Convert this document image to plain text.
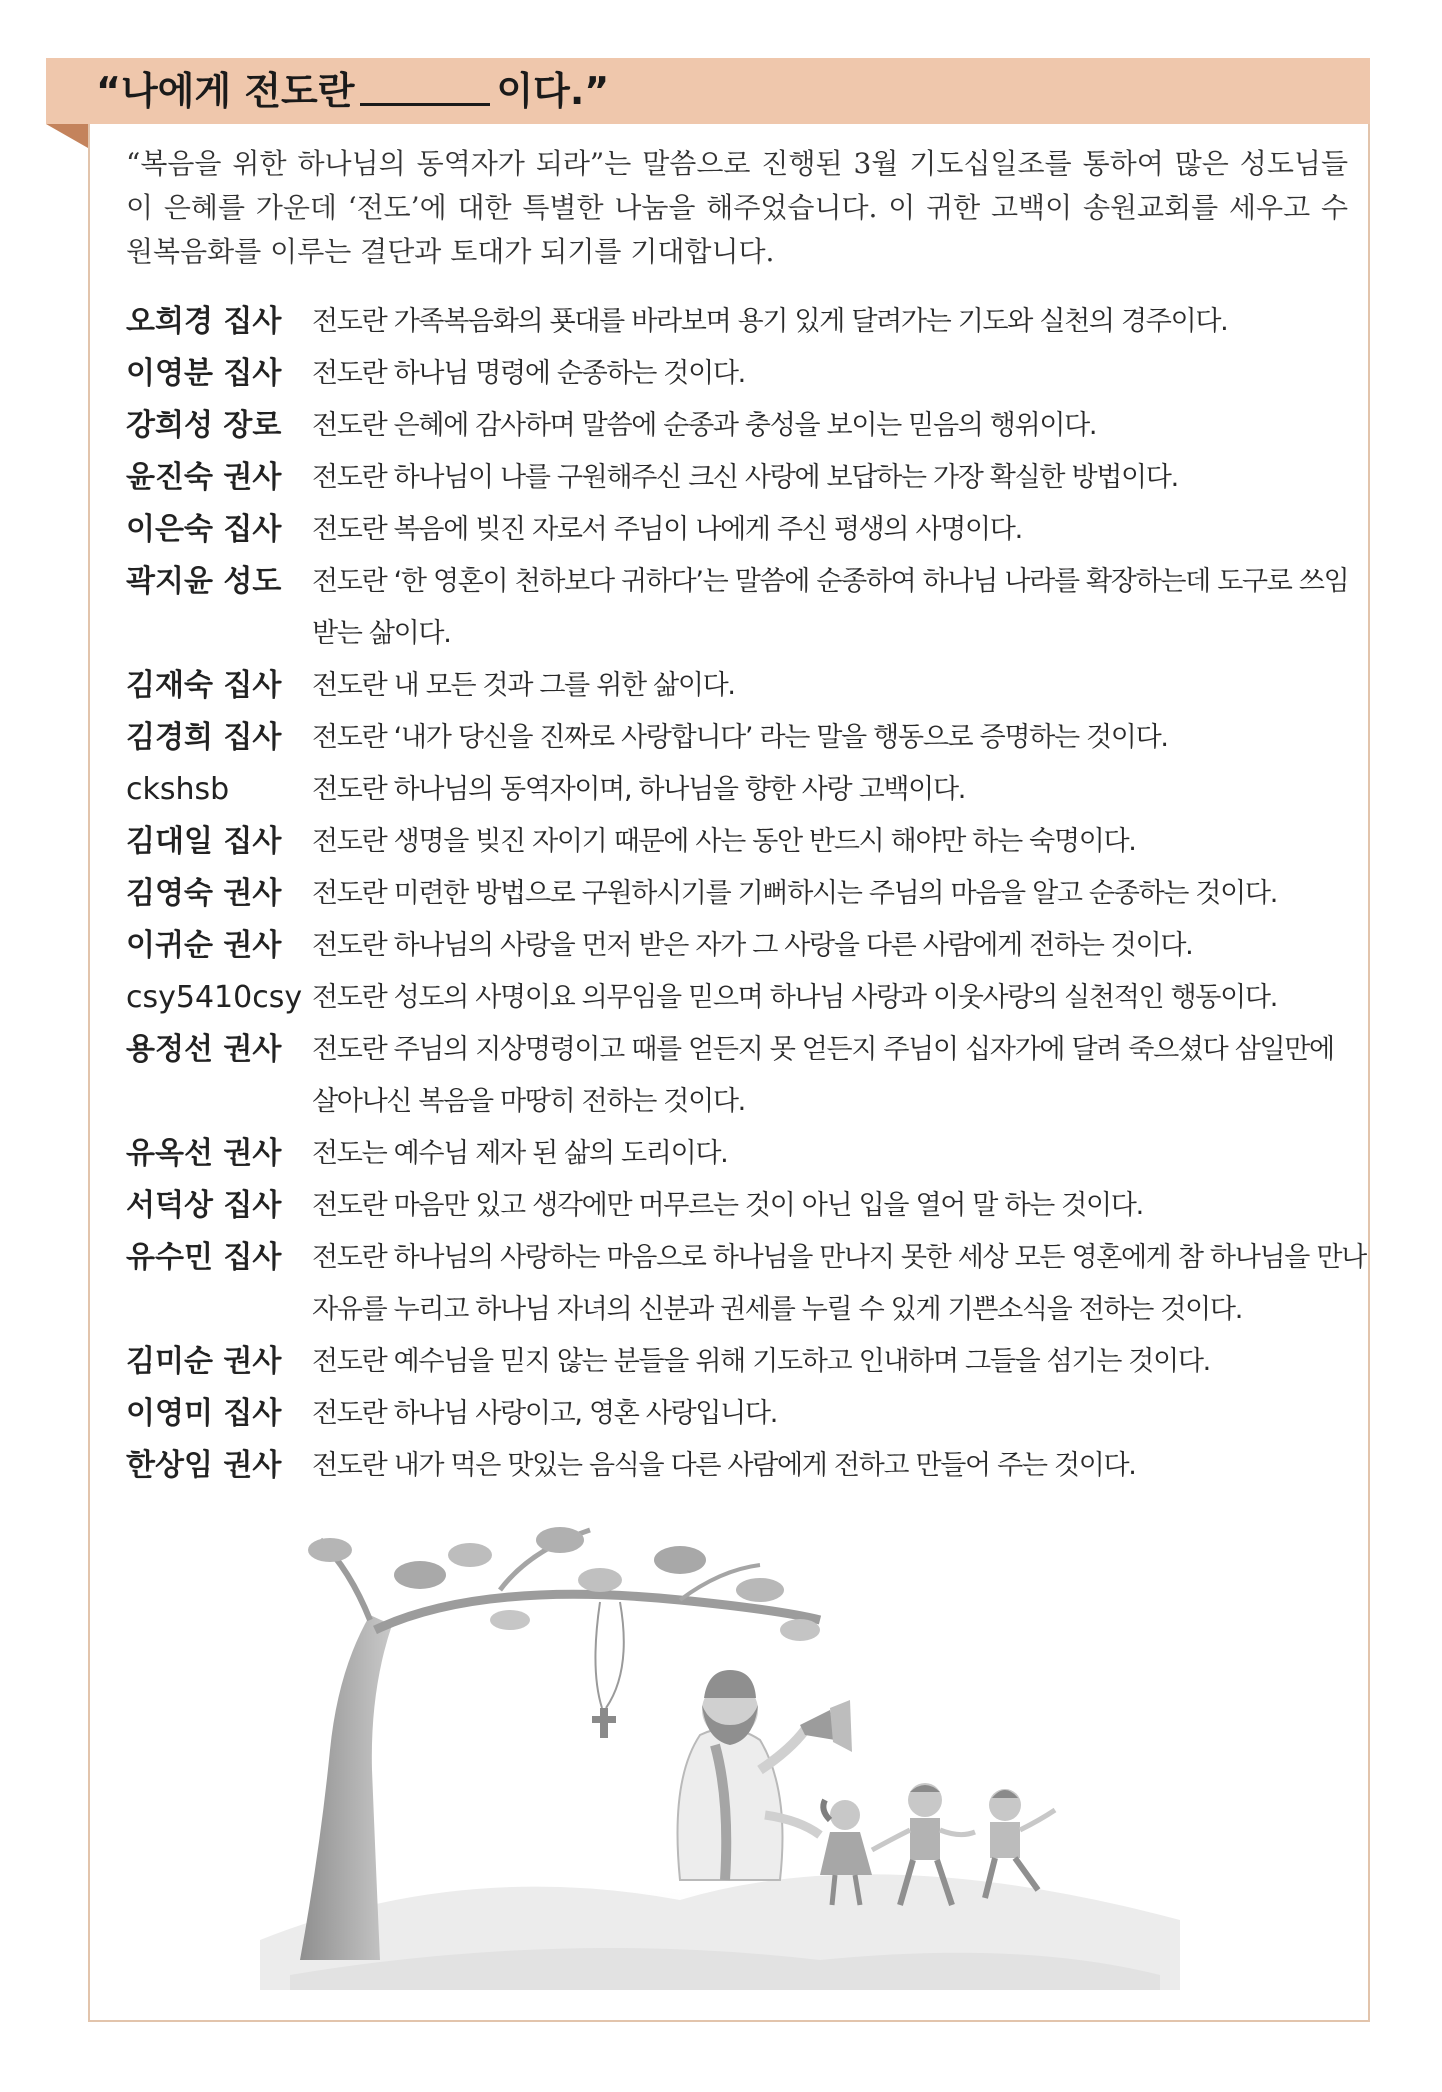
“나에게 전도란	이다.”
“복음을 위한 하나님의 동역자가 되라”는 말씀으로 진행된 3월 기도십일조를 통하여 많은 성도님들이 은혜를 가운데 ‘전도’에 대한 특별한 나눔을 해주었습니다. 이 귀한 고백이 송원교회를 세우고 수원복음화를 이루는 결단과 토대가 되기를 기대합니다.
오희경 집사	전도란 가족복음화의 푯대를 바라보며 용기 있게 달려가는 기도와 실천의 경주이다.
이영분 집사	전도란 하나님 명령에 순종하는 것이다.
강희성 장로	전도란 은혜에 감사하며 말씀에 순종과 충성을 보이는 믿음의 행위이다.
윤진숙 권사	전도란 하나님이 나를 구원해주신 크신 사랑에 보답하는 가장 확실한 방법이다.
이은숙 집사	전도란 복음에 빚진 자로서 주님이 나에게 주신 평생의 사명이다.
곽지윤 성도	전도란 ‘한 영혼이 천하보다 귀하다’는 말씀에 순종하여 하나님 나라를 확장하는데 도구로 쓰임 받는 삶이다.
김재숙 집사	전도란 내 모든 것과 그를 위한 삶이다.
김경희 집사	전도란 ‘내가 당신을 진짜로 사랑합니다’ 라는 말을 행동으로 증명하는 것이다.
ckshsb	전도란 하나님의 동역자이며, 하나님을 향한 사랑 고백이다.
김대일 집사	전도란 생명을 빚진 자이기 때문에 사는 동안 반드시 해야만 하는 숙명이다.
김영숙 권사	전도란 미련한 방법으로 구원하시기를 기뻐하시는 주님의 마음을 알고 순종하는 것이다.
이귀순 권사	전도란 하나님의 사랑을 먼저 받은 자가 그 사랑을 다른 사람에게 전하는 것이다.
csy5410csy 전도란 성도의 사명이요 의무임을 믿으며 하나님 사랑과 이웃사랑의 실천적인 행동이다.
용정선 권사	전도란 주님의 지상명령이고 때를 얻든지 못 얻든지 주님이 십자가에 달려 죽으셨다 삼일만에 살아나신 복음을 마땅히 전하는 것이다.
유옥선 권사	전도는 예수님 제자 된 삶의 도리이다.
서덕상 집사	전도란 마음만 있고 생각에만 머무르는 것이 아닌 입을 열어 말 하는 것이다.
유수민 집사	전도란 하나님의 사랑하는 마음으로 하나님을 만나지 못한 세상 모든 영혼에게 참 하나님을 만나 자유를 누리고 하나님 자녀의 신분과 권세를 누릴 수 있게 기쁜소식을 전하는 것이다.
김미순 권사	전도란 예수님을 믿지 않는 분들을 위해 기도하고 인내하며 그들을 섬기는 것이다.
이영미 집사	전도란 하나님 사랑이고, 영혼 사랑입니다.
한상임 권사	전도란 내가 먹은 맛있는 음식을 다른 사람에게 전하고 만들어 주는 것이다.
